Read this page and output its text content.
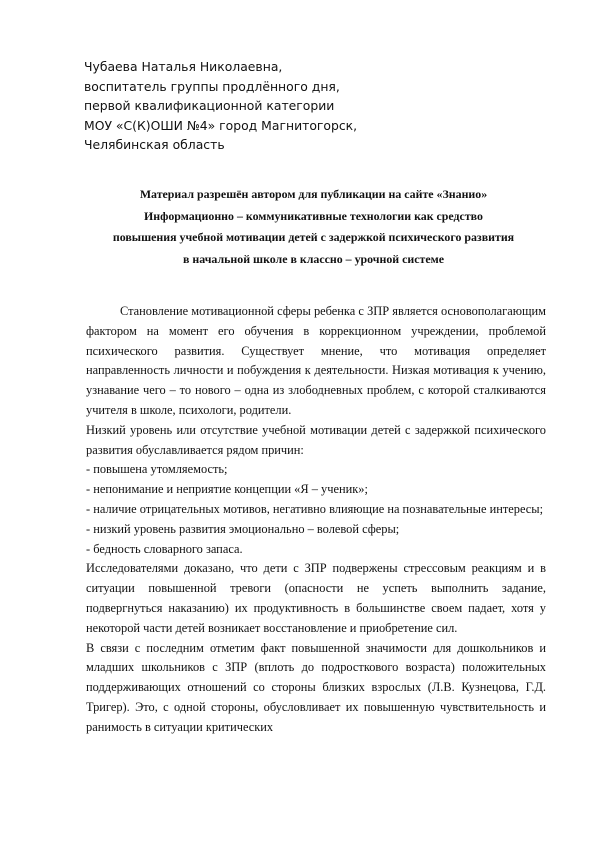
Чубаева Наталья Николаевна,
воспитатель группы продлённого дня,
первой квалификационной категории
МОУ «С(К)ОШИ №4» город Магнитогорск,
Челябинская область
Материал разрешён автором для публикации на сайте «Знанио»
Информационно – коммуникативные технологии как средство
повышения учебной мотивации детей с задержкой психического развития
в начальной школе в классно – урочной системе

Становление мотивационной сферы ребенка с ЗПР является основополагающим фактором на момент его обучения в коррекционном учреждении, проблемой психического развития. Существует мнение, что мотивация определяет направленность личности и побуждения к деятельности. Низкая мотивация к учению, узнавание чего – то нового – одна из злободневных проблем, с которой сталкиваются учителя в школе, психологи, родители.

Низкий уровень или отсутствие учебной мотивации детей с задержкой психического развития обуславливается рядом причин:

- повышена утомляемость;

- непонимание и неприятие концепции «Я – ученик»;

- наличие отрицательных мотивов, негативно влияющие на познавательные интересы;

- низкий уровень развития эмоционально – волевой сферы;

- бедность словарного запаса.

Исследователями доказано, что дети с ЗПР подвержены стрессовым реакциям и в ситуации повышенной тревоги (опасности не успеть выполнить задание, подвергнуться наказанию) их продуктивность в большинстве своем падает, хотя у некоторой части детей возникает восстановление и приобретение сил.

В связи с последним отметим факт повышенной значимости для дошкольников и младших школьников с ЗПР (вплоть до подросткового возраста) положительных поддерживающих отношений со стороны близких взрослых (Л.В. Кузнецова, Г.Д. Тригер). Это, с одной стороны, обусловливает их повышенную чувствительность и ранимость в ситуации критических
